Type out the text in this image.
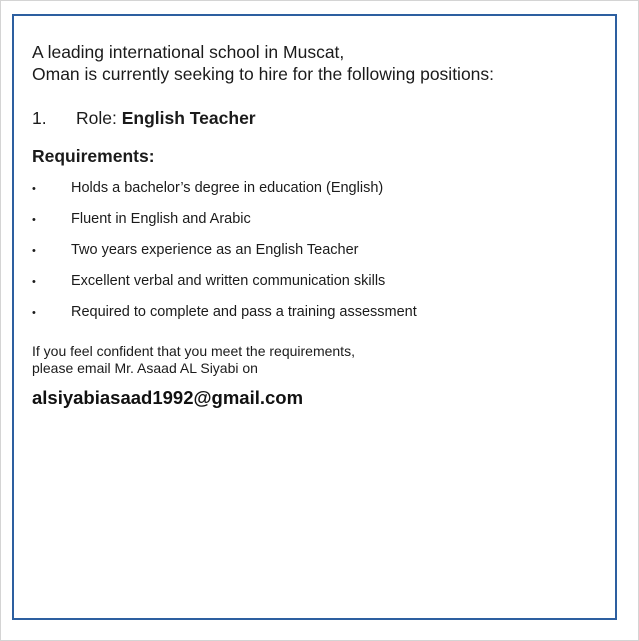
A leading international school in Muscat,
Oman is currently seeking to hire for the following positions:
1. Role: English Teacher
Requirements:
• Holds a bachelor’s degree in education (English)
• Fluent in English and Arabic
• Two years experience as an English Teacher
• Excellent verbal and written communication skills
• Required to complete and pass a training assessment
If you feel confident that you meet the requirements,
please email Mr. Asaad AL Siyabi on
alsiyabiasaad1992@gmail.com
